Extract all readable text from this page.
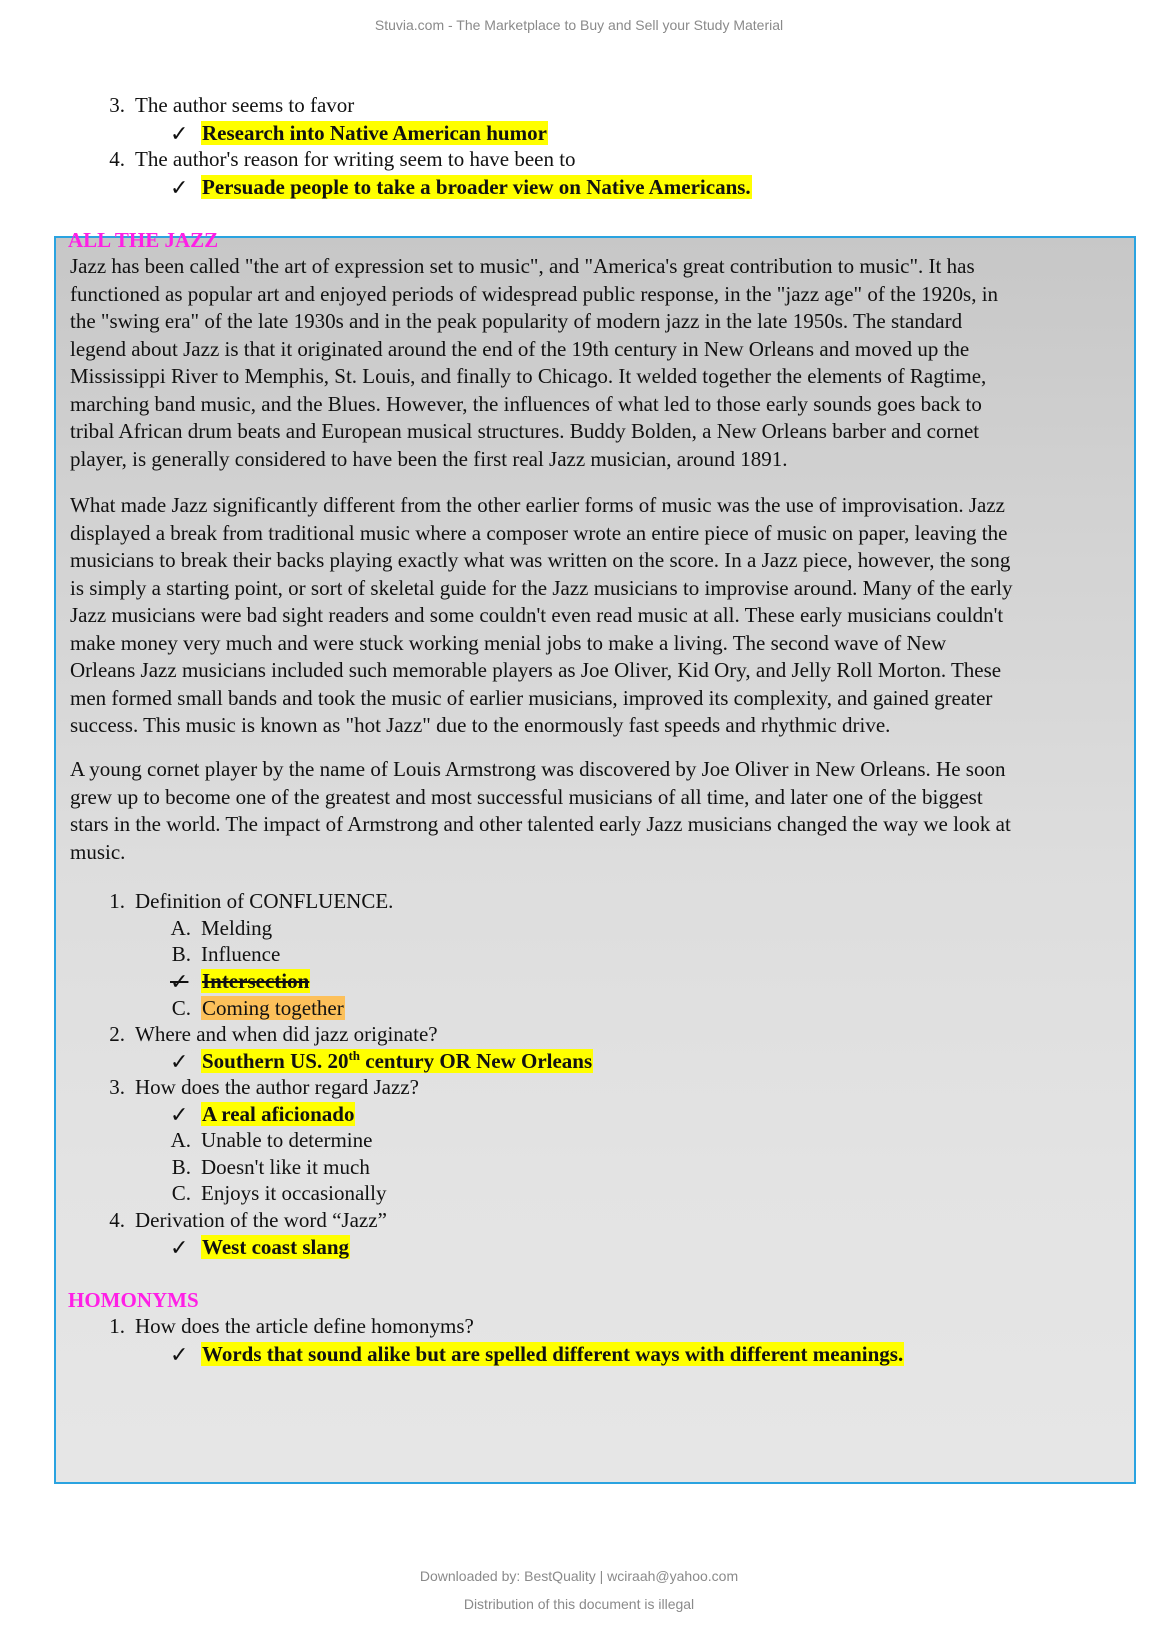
Stuvia.com - The Marketplace to Buy and Sell your Study Material
3. The author seems to favor
✓ Research into Native American humor
4. The author's reason for writing seem to have been to
✓ Persuade people to take a broader view on Native Americans.
ALL THE JAZZ
Jazz has been called "the art of expression set to music", and "America's great contribution to music". It has
functioned as popular art and enjoyed periods of widespread public response, in the "jazz age" of the 1920s, in
the "swing era" of the late 1930s and in the peak popularity of modern jazz in the late 1950s. The standard
legend about Jazz is that it originated around the end of the 19th century in New Orleans and moved up the
Mississippi River to Memphis, St. Louis, and finally to Chicago. It welded together the elements of Ragtime,
marching band music, and the Blues. However, the influences of what led to those early sounds goes back to
tribal African drum beats and European musical structures. Buddy Bolden, a New Orleans barber and cornet
player, is generally considered to have been the first real Jazz musician, around 1891.
What made Jazz significantly different from the other earlier forms of music was the use of improvisation. Jazz
displayed a break from traditional music where a composer wrote an entire piece of music on paper, leaving the
musicians to break their backs playing exactly what was written on the score. In a Jazz piece, however, the song
is simply a starting point, or sort of skeletal guide for the Jazz musicians to improvise around. Many of the early
Jazz musicians were bad sight readers and some couldn't even read music at all. These early musicians couldn't
make money very much and were stuck working menial jobs to make a living. The second wave of New
Orleans Jazz musicians included such memorable players as Joe Oliver, Kid Ory, and Jelly Roll Morton. These
men formed small bands and took the music of earlier musicians, improved its complexity, and gained greater
success. This music is known as "hot Jazz" due to the enormously fast speeds and rhythmic drive.
A young cornet player by the name of Louis Armstrong was discovered by Joe Oliver in New Orleans. He soon
grew up to become one of the greatest and most successful musicians of all time, and later one of the biggest
stars in the world. The impact of Armstrong and other talented early Jazz musicians changed the way we look at
music.
1. Definition of CONFLUENCE.
A. Melding
B. Influence
✓ Intersection
C. Coming together
2. Where and when did jazz originate?
✓ Southern US. 20th century OR New Orleans
3. How does the author regard Jazz?
✓ A real aficionado
A. Unable to determine
B. Doesn't like it much
C. Enjoys it occasionally
4. Derivation of the word “Jazz”
✓ West coast slang
HOMONYMS
1. How does the article define homonyms?
✓ Words that sound alike but are spelled different ways with different meanings.
Downloaded by: BestQuality | wciraah@yahoo.com
Distribution of this document is illegal
